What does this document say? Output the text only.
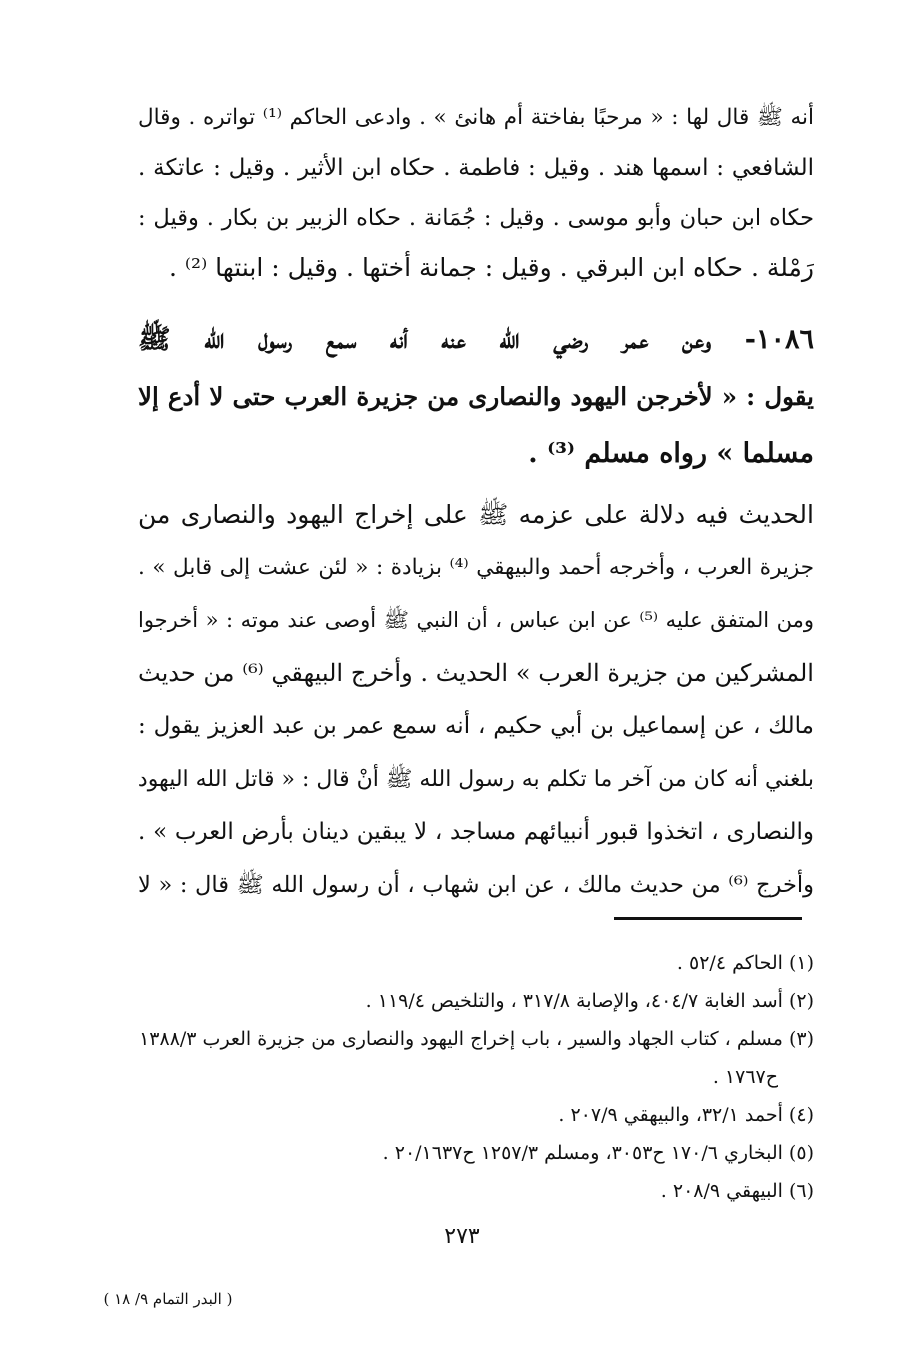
أنه ﷺ قال لها : « مرحبًا بفاختة أم هانئ » . وادعى الحاكم ⁽¹⁾ تواتره . وقال
الشافعي : اسمها هند . وقيل : فاطمة . حكاه ابن الأثير . وقيل : عاتكة .
حكاه ابن حبان وأبو موسى . وقيل : جُمَانة . حكاه الزبير بن بكار . وقيل :
رَمْلة . حكاه ابن البرقي . وقيل : جمانة أختها . وقيل : ابنتها ⁽²⁾ .
١٠٨٦- وعن عمر رضي الله عنه أنه سمع رسول الله ﷺ
يقول : « لأخرجن اليهود والنصارى من جزيرة العرب حتى لا أدع إلا
مسلما » رواه مسلم ⁽³⁾ .
الحديث فيه دلالة على عزمه ﷺ على إخراج اليهود والنصارى من
جزيرة العرب ، وأخرجه أحمد والبيهقي ⁽⁴⁾ بزيادة : « لئن عشت إلى قابل » .
ومن المتفق عليه ⁽⁵⁾ عن ابن عباس ، أن النبي ﷺ أوصى عند موته : « أخرجوا
المشركين من جزيرة العرب » الحديث . وأخرج البيهقي ⁽⁶⁾ من حديث
مالك ، عن إسماعيل بن أبي حكيم ، أنه سمع عمر بن عبد العزيز يقول :
بلغني أنه كان من آخر ما تكلم به رسول الله ﷺ أنْ قال : « قاتل الله اليهود
والنصارى ، اتخذوا قبور أنبيائهم مساجد ، لا يبقين دينان بأرض العرب » .
وأخرج ⁽⁶⁾ من حديث مالك ، عن ابن شهاب ، أن رسول الله ﷺ قال : « لا
(١) الحاكم ٥٢/٤ .
(٢) أسد الغابة ٤٠٤/٧، والإصابة ٣١٧/٨ ، والتلخيص ١١٩/٤ .
(٣) مسلم ، كتاب الجهاد والسير ، باب إخراج اليهود والنصارى من جزيرة العرب ١٣٨٨/٣
ح١٧٦٧ .
(٤) أحمد ٣٢/١، والبيهقي ٢٠٧/٩ .
(٥) البخاري ١٧٠/٦ ح٣٠٥٣، ومسلم ١٢٥٧/٣ ح٢٠/١٦٣٧ .
(٦) البيهقي ٢٠٨/٩ .
٢٧٣
( البدر التمام ٩/ ١٨ )
